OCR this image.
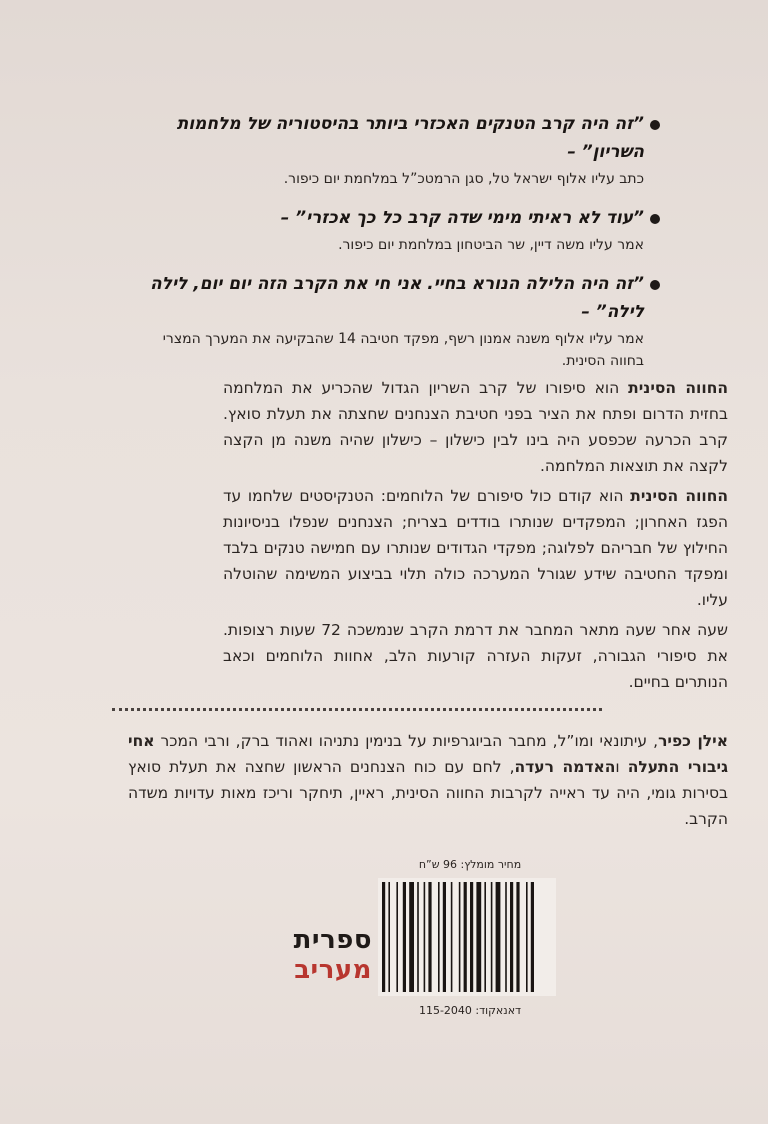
”זה היה קרב הטנקים האכזרי ביותר בהיסטוריה של מלחמות השריון” –
כתב עליו אלוף ישראל טל, סגן הרמטכ”ל במלחמת יום כיפור.
”עוד לא ראיתי מימי שדה קרב כל כך אכזרי” –
אמר עליו משה דיין, שר הביטחון במלחמת יום כיפור.
”זה היה הלילה הנורא בחיי. אני חי את הקרב הזה יום יום, לילה לילה” –
אמר עליו אלוף משנה אמנון רשף, מפקד חטיבה 14 שהבקיעה את המערך המצרי בחווה הסינית.

החווה הסינית הוא סיפורו של קרב השריון הגדול שהכריע את המלחמה בחזית הדרום ופתח את הציר בפני חטיבת הצנחנים שחצתה את תעלת סואץ. קרב הכרעה שכפסע היה בינו לבין כישלון – כישלון שהיה משנה מן הקצה לקצה את תוצאות המלחמה.

החווה הסינית הוא קודם כול סיפורם של הלוחמים: הטנקיסטים שלחמו עד הפגז האחרון; המפקדים שנותרו בודדים בצריח; הצנחנים שנפלו בניסיונות החילוץ של חבריהם לפלוגה; מפקדי הגדודים שנותרו עם חמישה טנקים בלבד ומפקד החטיבה שידע שגורל המערכה כולה תלוי בביצוע המשימה שהוטלה עליו.

שעה אחר שעה מתאר המחבר את דרמת הקרב שנמשכה 72 שעות רצופות. את סיפורי הגבורה, זעקות העזרה קורעות הלב, אחוות הלוחמים וכאב הנותרים בחיים.

אילן כפיר, עיתונאי ומו”ל, מחבר הביוגרפיות על בנימין נתניהו ואהוד ברק, ורבי המכר אחי גיבורי התעלה והאדמה רעדה, לחם עם כוח הצנחנים הראשון שחצה את תעלת סואץ בסירות גומי, היה עד ראייה לקרבות החווה הסינית, ראיין, תיחקר וריכז מאות עדויות משדה הקרב.
מחיר מומלץ: 96 ש”ח
דאנאקוד: 115-2040
ספרית מעריב
